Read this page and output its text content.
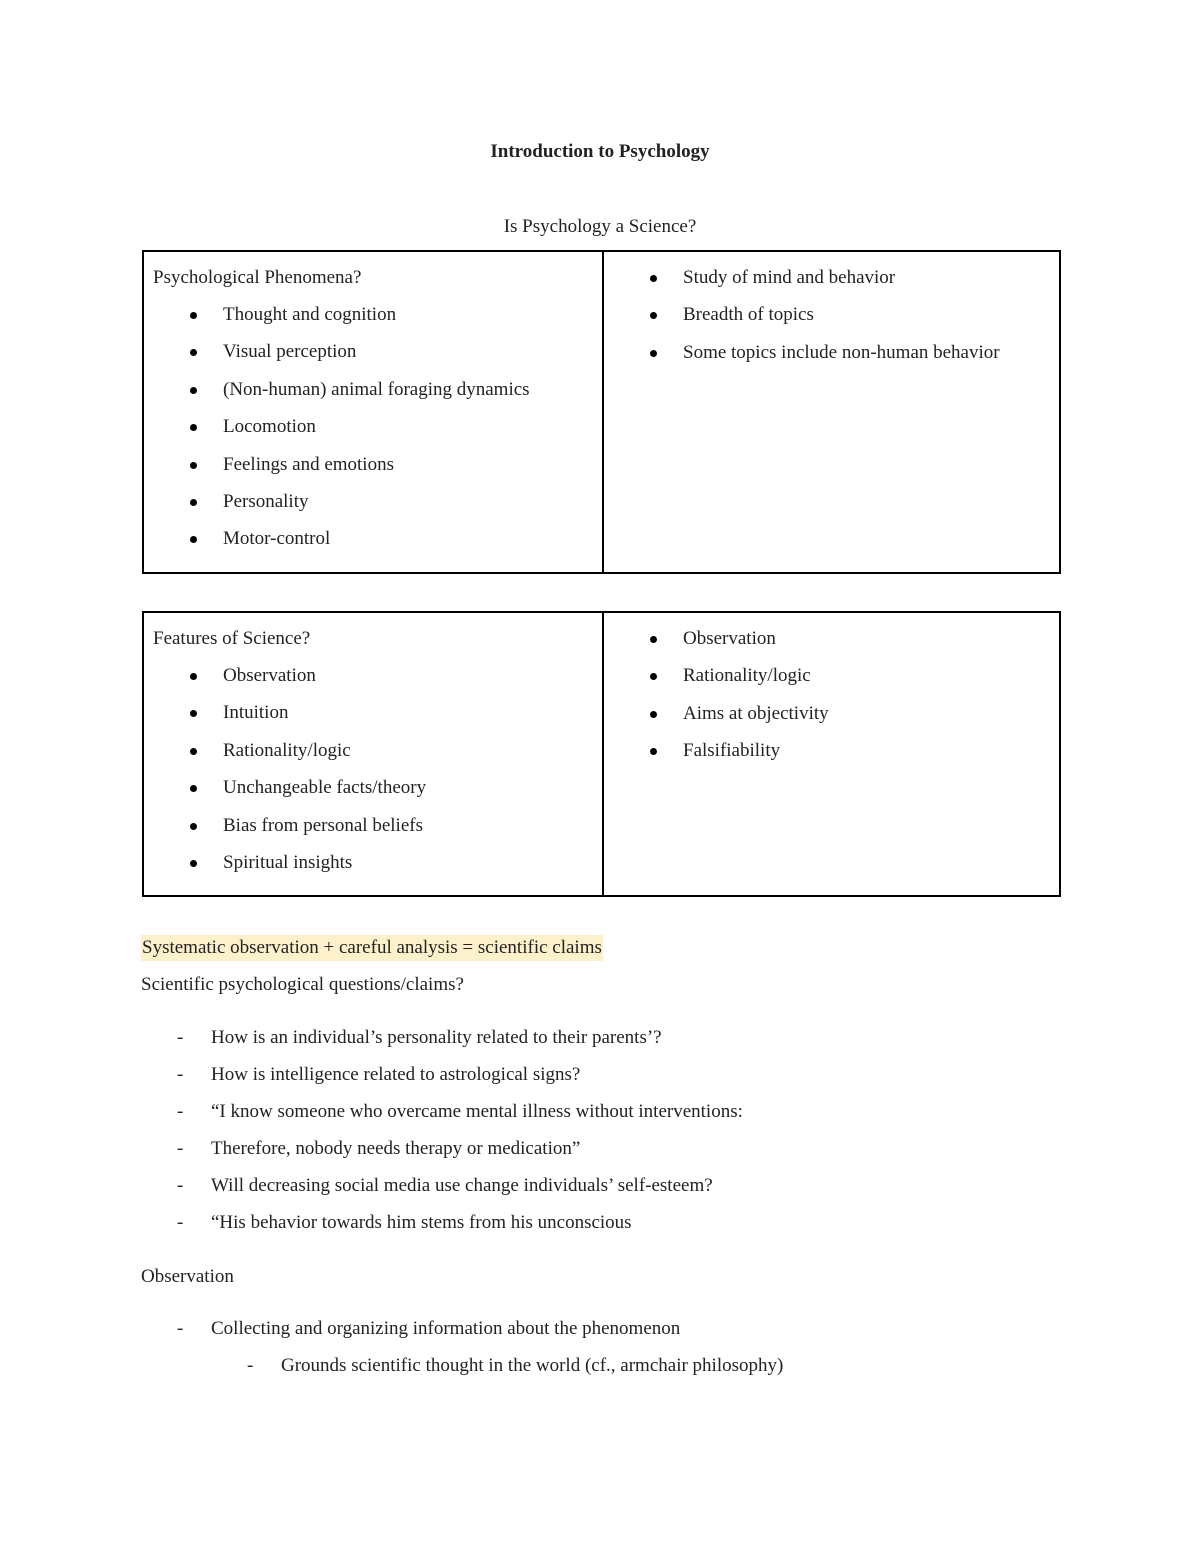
Introduction to Psychology
Is Psychology a Science?
Psychological Phenomena?
Thought and cognition
Visual perception
(Non-human) animal foraging dynamics
Locomotion
Feelings and emotions
Personality
Motor-control

Study of mind and behavior
Breadth of topics
Some topics include non-human behavior
Features of Science?
Observation
Intuition
Rationality/logic
Unchangeable facts/theory
Bias from personal beliefs
Spiritual insights

Observation
Rationality/logic
Aims at objectivity
Falsifiability
Systematic observation + careful analysis = scientific claims
Scientific psychological questions/claims?
- How is an individual’s personality related to their parents’?
- How is intelligence related to astrological signs?
- “I know someone who overcame mental illness without interventions:
- Therefore, nobody needs therapy or medication”
- Will decreasing social media use change individuals’ self-esteem?
- “His behavior towards him stems from his unconscious
Observation
- Collecting and organizing information about the phenomenon
- Grounds scientific thought in the world (cf., armchair philosophy)
